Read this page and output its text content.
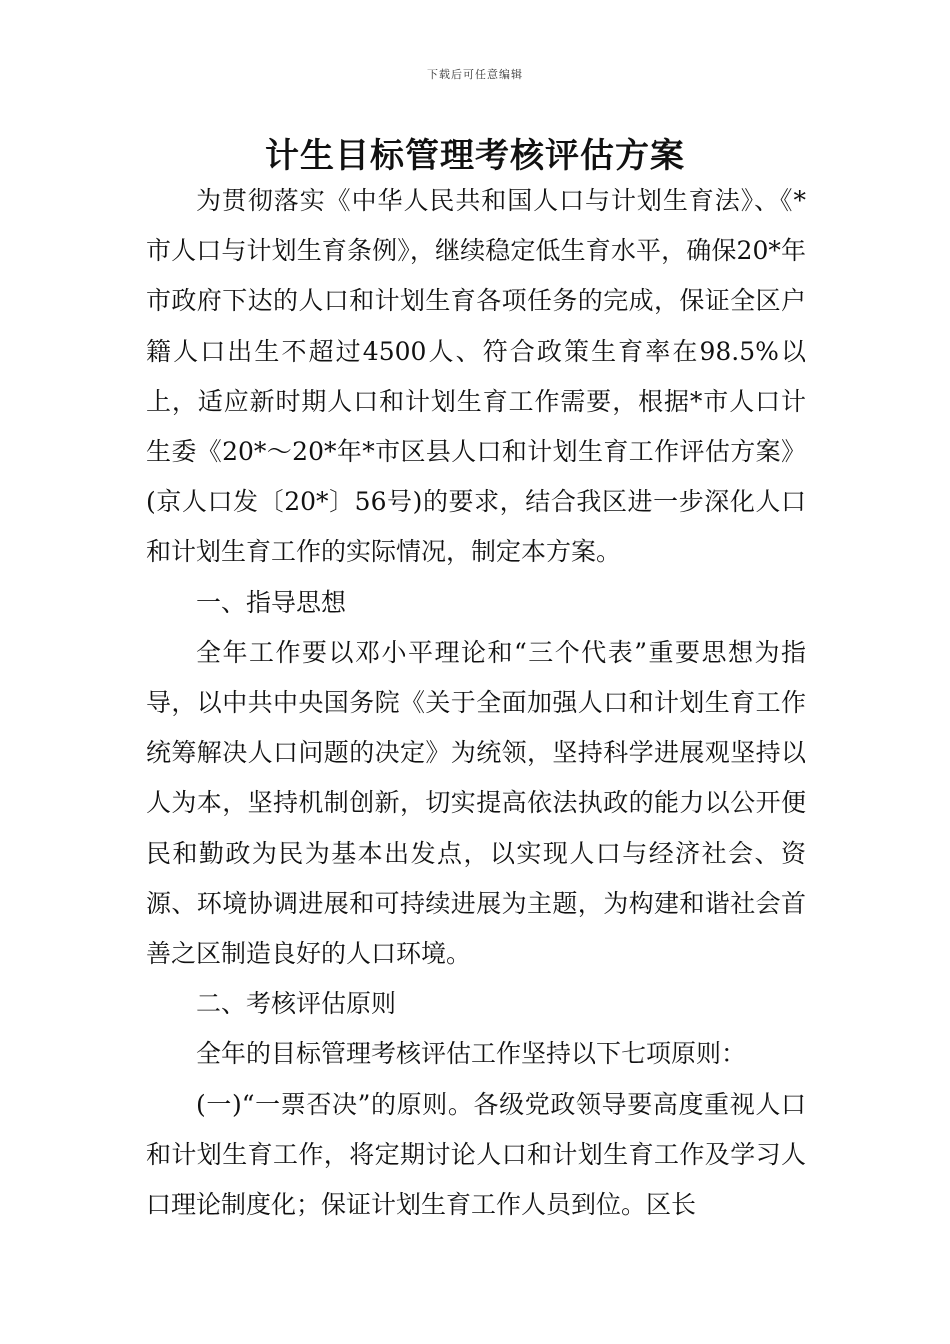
下载后可任意编辑
计生目标管理考核评估方案

为贯彻落实《中华人民共和国人口与计划生育法》、《*市人口与计划生育条例》，继续稳定低生育水平，确保20*年市政府下达的人口和计划生育各项任务的完成，保证全区户籍人口出生不超过4500人、符合政策生育率在98.5%以上，适应新时期人口和计划生育工作需要，根据*市人口计生委《20*～20*年*市区县人口和计划生育工作评估方案》(京人口发〔20*〕56号)的要求，结合我区进一步深化人口和计划生育工作的实际情况，制定本方案。

一、指导思想

全年工作要以邓小平理论和“三个代表”重要思想为指导，以中共中央国务院《关于全面加强人口和计划生育工作统筹解决人口问题的决定》为统领，坚持科学进展观坚持以人为本，坚持机制创新，切实提高依法执政的能力以公开便民和勤政为民为基本出发点，以实现人口与经济社会、资源、环境协调进展和可持续进展为主题，为构建和谐社会首善之区制造良好的人口环境。

二、考核评估原则

全年的目标管理考核评估工作坚持以下七项原则：

(一)“一票否决”的原则。各级党政领导要高度重视人口和计划生育工作，将定期讨论人口和计划生育工作及学习人口理论制度化；保证计划生育工作人员到位。区长
